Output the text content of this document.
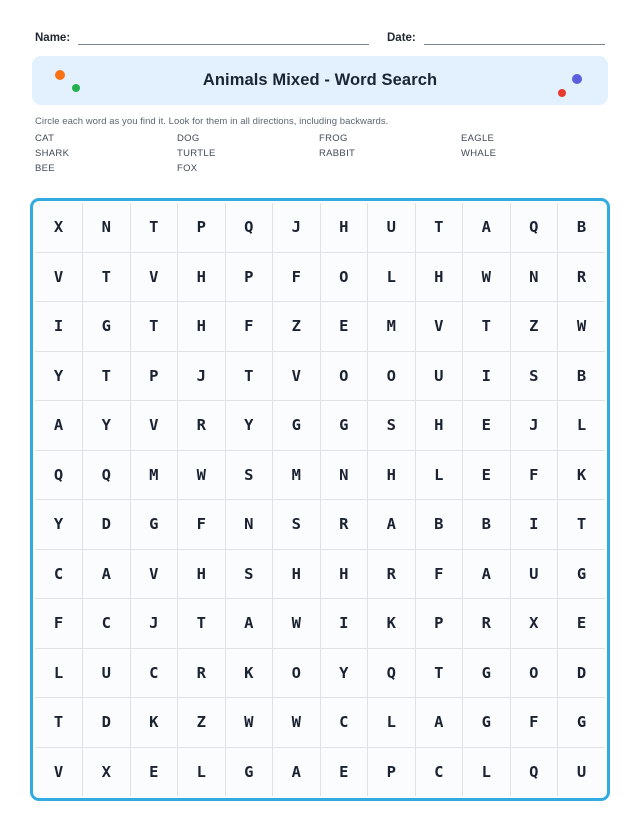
Name:	Date:
Animals Mixed - Word Search
Circle each word as you find it. Look for them in all directions, including backwards.
CAT	DOG	FROG	EAGLE
SHARK	TURTLE	RABBIT	WHALE
BEE	FOX
X	N	T	P	Q	J	H	U	T	A	Q	B
V	T	V	H	P	F	O	L	H	W	N	R
I	G	T	H	F	Z	E	M	V	T	Z	W
Y	T	P	J	T	V	O	O	U	I	S	B
A	Y	V	R	Y	G	G	S	H	E	J	L
Q	Q	M	W	S	M	N	H	L	E	F	K
Y	D	G	F	N	S	R	A	B	B	I	T
C	A	V	H	S	H	H	R	F	A	U	G
F	C	J	T	A	W	I	K	P	R	X	E
L	U	C	R	K	O	Y	Q	T	G	O	D
T	D	K	Z	W	W	C	L	A	G	F	G
V	X	E	L	G	A	E	P	C	L	Q	U
